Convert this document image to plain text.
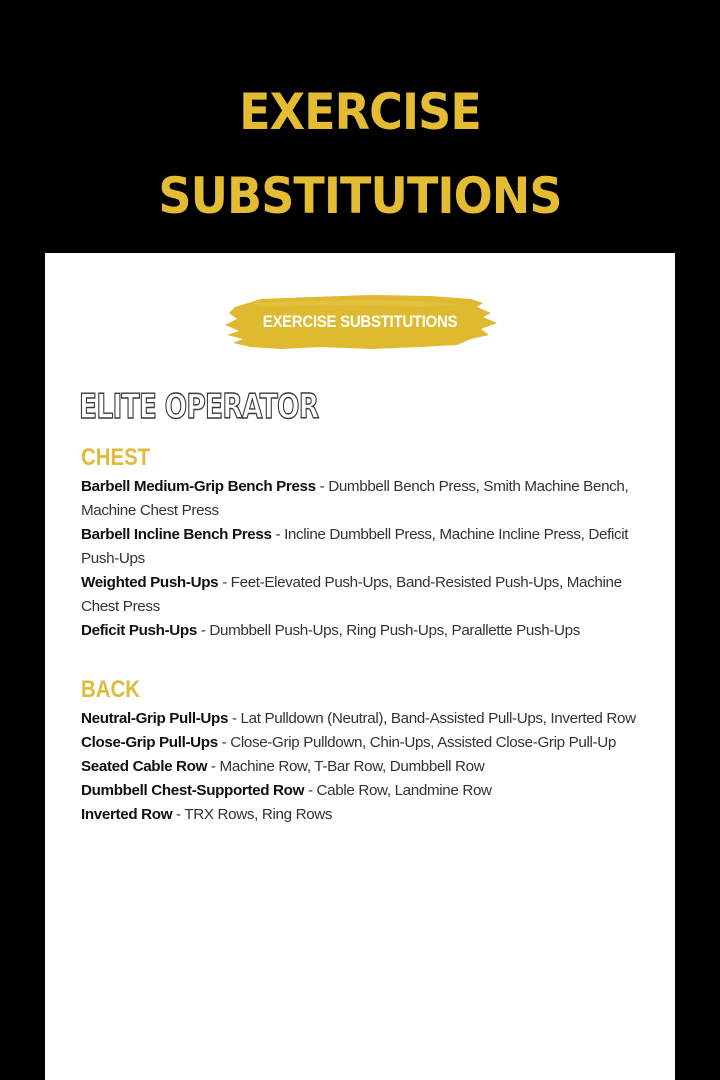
EXERCISE
SUBSTITUTIONS
EXERCISE SUBSTITUTIONS
ELITE OPERATOR
CHEST
Barbell Medium-Grip Bench Press - Dumbbell Bench Press, Smith Machine Bench, Machine Chest Press
Barbell Incline Bench Press - Incline Dumbbell Press, Machine Incline Press, Deficit Push-Ups
Weighted Push-Ups - Feet-Elevated Push-Ups, Band-Resisted Push-Ups, Machine Chest Press
Deficit Push-Ups - Dumbbell Push-Ups, Ring Push-Ups, Parallette Push-Ups
BACK
Neutral-Grip Pull-Ups - Lat Pulldown (Neutral), Band-Assisted Pull-Ups, Inverted Row
Close-Grip Pull-Ups - Close-Grip Pulldown, Chin-Ups, Assisted Close-Grip Pull-Up
Seated Cable Row - Machine Row, T-Bar Row, Dumbbell Row
Dumbbell Chest-Supported Row - Cable Row, Landmine Row
Inverted Row - TRX Rows, Ring Rows
